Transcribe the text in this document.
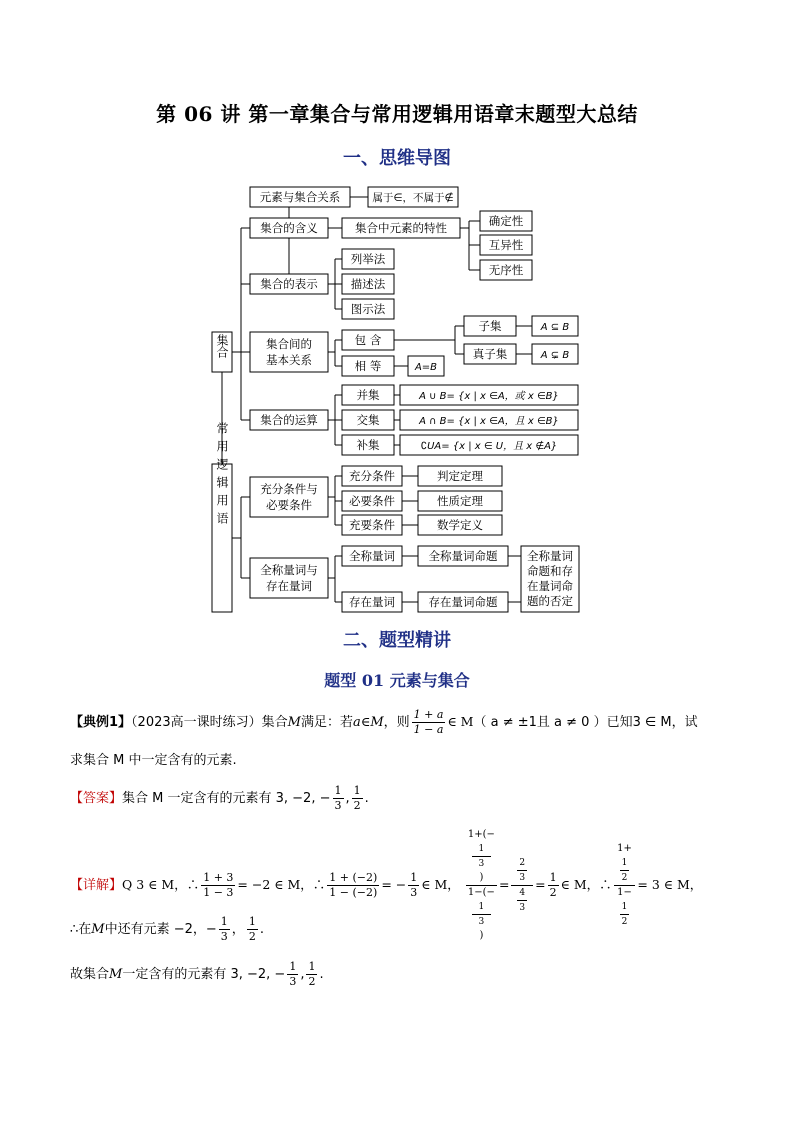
第 06 讲 第一章集合与常用逻辑用语章末题型大总结
一、思维导图
集合
常用逻辑用语
元素与集合关系	属于∈，不属于∉
集合的含义	集合中元素的特性	确定性
互异性
无序性
集合的表示
列举法
描述法
图示法
集合间的
基本关系
包 含
相 等	A=B
子集	A ⊆ B
真子集	A ⊊ B
集合的运算
并集
交集
补集
A ∪ B= {x | x ∈A，或 x ∈B}
A ∩ B= {x | x ∈A，且 x ∈B}
∁UA= {x | x ∈ U，且 x ∉A}
充分条件与
必要条件
充分条件
必要条件
充要条件
判定定理
性质定理
数学定义
全称量词与
存在量词
全称量词	全称量词命题
存在量词	存在量词命题
全称量词
命题和存
在量词命
题的否定
二、题型精讲
题型 01 元素与集合
【典例1】（2023高一课时练习）集合M满足：若a∈M，则 $\frac{1 + a}{1 - a}$ ∈ M（ a ≠ ±1且 a ≠ 0 ）已知3 ∈ M，试
求集合 M 中一定含有的元素.
【答案】集合 M 一定含有的元素有 3, −2, − $\frac{1}{3}$ , $\frac{1}{2}$ .
【详解】Q 3 ∈ M，∴ $\frac{1 + 3}{1 - 3} = -2$ ∈ M，∴ $\frac{1 + (-2)}{1 - (-2)}$ = − $\frac{1}{3}$ ∈ M， 1+(−
1
3
)
1−(−
1
3
) = 2
3
4
$3 = \frac{1}{2}$ ∈ M，∴ 1+
1
2
1−
1
2 = 3 ∈ M，
∴在M中还有元素 −2，− $\frac{1}{3}$ ， $\frac{1}{2}$ .
故集合M一定含有的元素有 3, −2, − $\frac{1}{3}$ , $\frac{1}{2}$ .
